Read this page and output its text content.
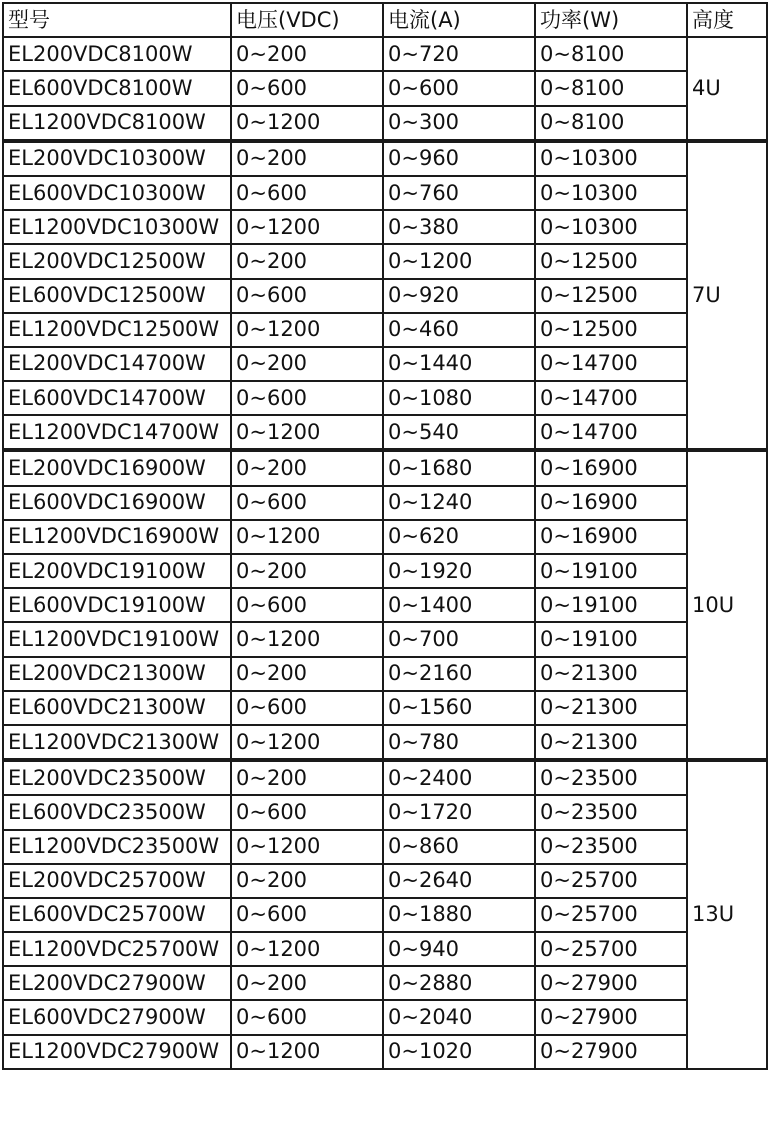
型号	电压(VDC)	电流(A)	功率(W)	高度
EL200VDC8100W	0~200	0~720	0~8100	4U
EL600VDC8100W	0~600	0~600	0~8100	
EL1200VDC8100W	0~1200	0~300	0~8100	
EL200VDC10300W	0~200	0~960	0~10300	7U
EL600VDC10300W	0~600	0~760	0~10300	
EL1200VDC10300W	0~1200	0~380	0~10300	
EL200VDC12500W	0~200	0~1200	0~12500	
EL600VDC12500W	0~600	0~920	0~12500	
EL1200VDC12500W	0~1200	0~460	0~12500	
EL200VDC14700W	0~200	0~1440	0~14700	
EL600VDC14700W	0~600	0~1080	0~14700	
EL1200VDC14700W	0~1200	0~540	0~14700	
EL200VDC16900W	0~200	0~1680	0~16900	10U
EL600VDC16900W	0~600	0~1240	0~16900	
EL1200VDC16900W	0~1200	0~620	0~16900	
EL200VDC19100W	0~200	0~1920	0~19100	
EL600VDC19100W	0~600	0~1400	0~19100	
EL1200VDC19100W	0~1200	0~700	0~19100	
EL200VDC21300W	0~200	0~2160	0~21300	
EL600VDC21300W	0~600	0~1560	0~21300	
EL1200VDC21300W	0~1200	0~780	0~21300	
EL200VDC23500W	0~200	0~2400	0~23500	13U
EL600VDC23500W	0~600	0~1720	0~23500	
EL1200VDC23500W	0~1200	0~860	0~23500	
EL200VDC25700W	0~200	0~2640	0~25700	
EL600VDC25700W	0~600	0~1880	0~25700	
EL1200VDC25700W	0~1200	0~940	0~25700	
EL200VDC27900W	0~200	0~2880	0~27900	
EL600VDC27900W	0~600	0~2040	0~27900	
EL1200VDC27900W	0~1200	0~1020	0~27900	
